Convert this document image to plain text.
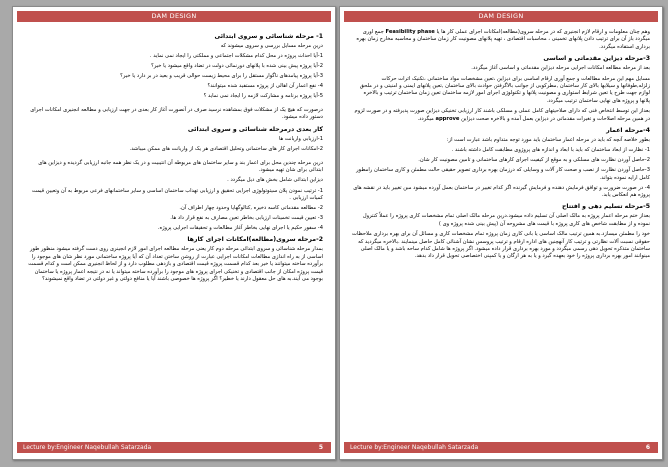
DAM DESIGN
1- مرحله شناسائی و سروی ابتدائی
درین مرحله مسایل بررسی و سروی میشوند که
1-آیا احداث پروژه در محل کدام مشکلات اجتماعی و مملکتی را ایجاد نمی نماید .
2-آیا پروژه پیش بینی شده با پلانهای دورنمائی دولت در تضاد واقع میشود یا خیر؟
3-آیا پروژه پیامدهای ناگوار مستقل را برای محیط زیست حوالی قریب و بعید در بر دارد یا خیر؟
4- نفع اعمار آن اهالی از پروژه مستفید شده میتوانند؟
5-آیا پروژه برنامه و مشارکت لازمه را ایجاد نمی نماید ؟
درصورت که هیچ یک از مشکلات فوق بمشاهده نرسید صرف در آنصورت آغاز کار بعدی در جهت ارزیابی و مطالعه انجنیری امکانات اجرای دستور داده میشود.
کار بعدی درمرحله شناسائی و سروی ابتدائی
1-ارزیابی واریانت ها
2-امکانات اجرای کار های ساختمانی وتحلیل اقتصادی هر یک از واریانت های ممکن میباشد.
درین مرحله چندین محل برای اعمار بند و سایر ساختمان های مربوطه آن انتیبیت و در یک نظر همه جانبه ارزیابی گردیده و دیزاین های ابتدائی برای شان تهیه میشود.
دیزاین ابتدائی شامل بخش های ذیل میگردد .
1- ترتیب نمودن پلان سیتوتولوژی اجرایی تحقیق و ارزیابی تهداب ساختمان اساسی و سایر ساختمانهای فرعی مربوط به آن وتعیین قیمت کمیات ارزیابی .
2- مطالعه مقدماتی کاسه ذخیره ,کتالوگهایا وحدود چهار اطراف آن.
3- تعیین قیمت تخمینات ارزیابی بخاطر تعین مصارف به نفع قرار داد ها.
4- سفور حکیم یا اجرای نهایی بخاطر آغاز مطالعات و تحقیقات اجرایی پروژه.
2-مرحله سروی(مطالعه)امکانات اجرای کارها
بمدار مرحله شناسائی و سروی ابتدائی مرحله دوم کار یعنی مرحله مطالعه اجرای امور لازم انجینری روی دست گرفته میشود منظور طور اساسی از به راه اندازی مطالعات امکانات اجرایی عبارت از روشن ساختن تعداد آن که آیا پروژه ساختمانی مورد نظر شان های موجود را برآورده ساخته میتوانند یا خیر بعد کدام قسمت پروژه قیمت اقتصادی و بازدهی مطلوب دارد و از لحاظ انجنیری ممکن است و کدام قسمت قیمت پروژه امکان از جانب اقتصادی و تخنیکی اجرای پروژه های موجود را برآورده ساخته میتواند یا نه در نتیجه اعمار پروژه یا ساختمان بوجود می آیند.به های حل معقول دارند یا خطیر؟ اگر پروژه ها خصوصی باشند آیا یا منافع دولتی و غیر دولتی در تضاد واقع نمیشوند؟
Lecture by:Engineer Naqebullah Satarzada	5
DAM DESIGN
وهم چنان معلومات و ارقام لازم انجنیری که در مرحله سروی(مطالعه)امکانات اجرای عملی کار ها یا Feasibility phase جمع آوری میگردد باز آن برای ترتیب دادن پلانهای تخمینی ، محاسبات اقتصادی ، تهیه پلانهای مصونیت کار زمان ساختمان و محاسبه مخارج زمان بهره برداری استفاده میگردد.
3-مرحله دیزاین مقدماتی و اساسی
بعد از مرحله مطالعه امکانات اجرایی مرحله دیزاین مقدماتی و اساسی آغاز میگردد.
مسایل مهم این مرحله مطالعات و جمع آوری ارقام اساسی برای دیزاین ،تعین مشخصات مواد ساختمانی ،تکنیک اثرات حرکات زلزله,طوفانها و سیلابها بالای کار ساختمان ,مطرکوبی از جوانب بالاگرفتن حوادث بالای ساختمان ,تعین پلانهای ایمنی و امنیتی و در ملحق لوازم جهت طرح یا تعین شرایط استواری و مصونیت پلانها و تکنولوژی اجرای امور لازمه ساختمان تعین زمان ساختمان ترتیب و بالاخره پلانها و پروژه های نهایی ساختمان ترتیب میگردد.
بعداز این توسط انتخاص فنی که دارای صلاحیتهای کامل عملی و مسلکی باشند کار ارزیابی تخنیکی دیزاین صورت پذیرفته و در صورت لزوم در همین مرحله اصلاحات و تغیرات مقدماتی در دیزاین بعمل آمده و بالاخره صحت دیزاین approve میگردد.
4-مرحله اعمار
بطور خلاصه آنچه که باید در مرحله اعمار ساختمان باید مورد توجه متداوم باشد عبارت است از:
1- نظارت از ابعاد ساختمان که باید با ابعاد و اندازه های پروژوی مطابقت کامل داشته باشند .
2-حاصل آوردن نظارت های مسلکی و به موقع از کیفیت اجرای کارهای ساختمانی و تامین مصونیت کار شان.
3-حاصل آوردن نظارت از نصب و صحت کار آلات و وسایلی که درزمان بهره برداری تصویر حقیقی حالت مطمئن و کاری ساختمان رامطور کامل ارایه نموده بتواند.
4- در صورت ضرورت و توافق فرمایش دهنده و فرمایش گیرنده اگر کدام تغییر در ساختمان بعمل آورده میشود مبن تغییر باید در نقشه های پروژه هم انعکاس یابد.
5-مرحله تسلیم دهی و افتتاح
بعداز ختم مرحله اعمار پروژه به مالک اصلی آن تسلیم داده میشود.درین مرحله مالک اصلی تمام مشخصات کاری پروژه را عملاً کنترول نموده و از مطابقت شاخص های کاری پروژه با قیمت های مشروحه آن (پیش بینی شده پروژه وی )
خود را مطمئن میسازد.به همین ترتیب مالک اساسی یا بانی کاری زمان پروژه تمام مشخصات کاری و مسائل آن برای بهره برداری ملاحظات حقوقی نسبت آلات نظارتی و ترتیب کار آنهچنین های اداره ارقام و ترتیب پروسس نشان آشنائی کامل حاصل مینمایند .بالاخره میگردید که ساختمان متذکره تحویل دهی رسمی میگردد و مورد بهره برداری قرار داده میشود. اگر پروژه ها شامل کدام ساحه باشد و یا مالک اصلی مینوانند امور بهره برداری پروژه را خود بعهده گیرد و یا به هر ارگان و یا کمپنی اختصاصی تحویل قرار داد بدهد.
Lecture by:Engineer Naqebullah Satarzada	6
